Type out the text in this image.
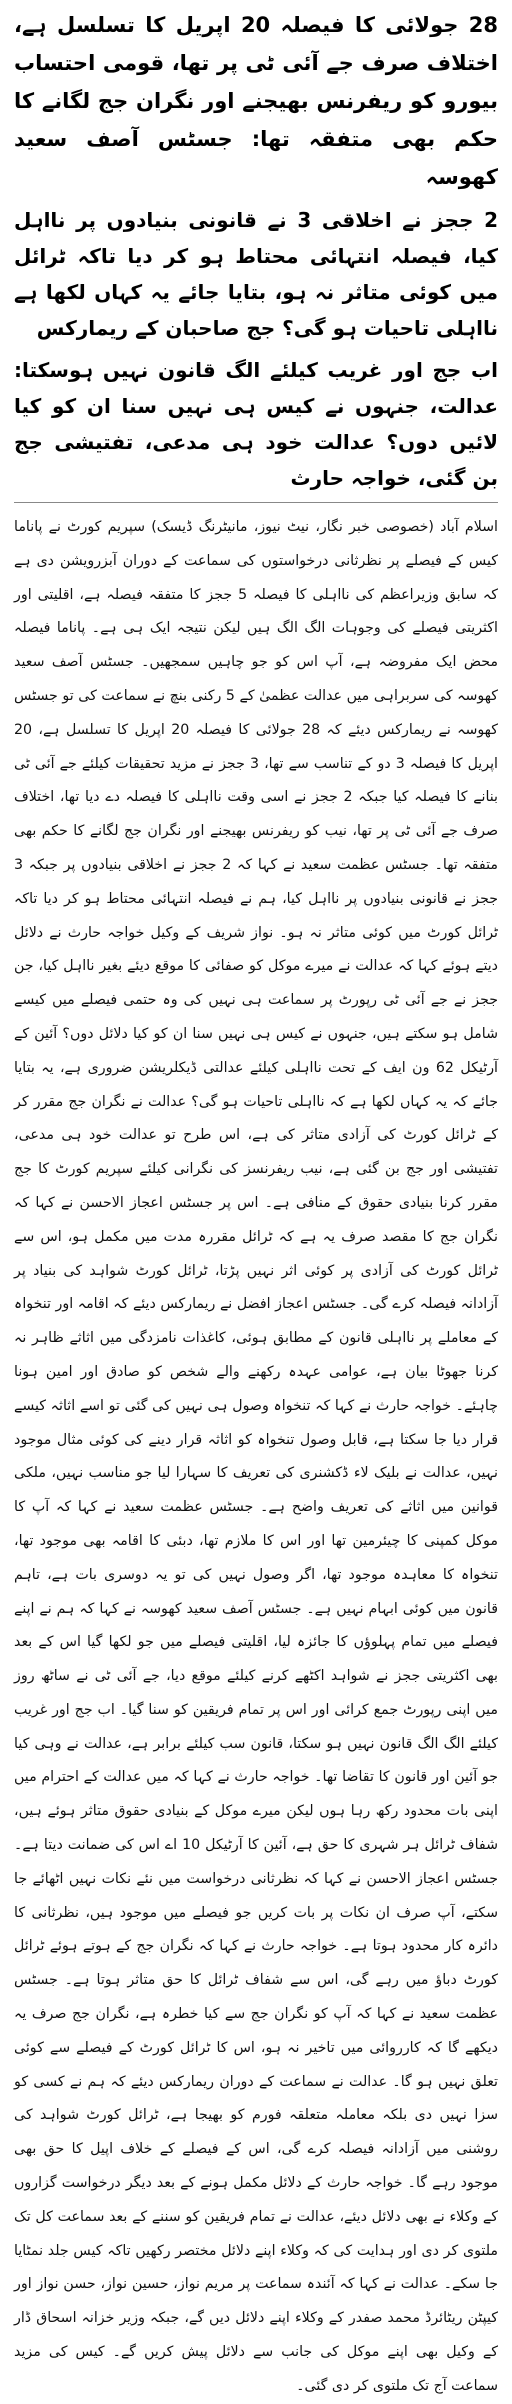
28 جولائی کا فیصلہ 20 اپریل کا تسلسل ہے، اختلاف صرف جے آئی ٹی پر تھا، قومی احتساب بیورو کو ریفرنس بھیجنے اور نگران جج لگانے کا حکم بھی متفقہ تھا: جسٹس آصف سعید کھوسہ

2 ججز نے اخلاقی 3 نے قانونی بنیادوں پر نااہل کیا، فیصلہ انتہائی محتاط ہو کر دیا تاکہ ٹرائل میں کوئی متاثر نہ ہو، بتایا جائے یہ کہاں لکھا ہے نااہلی تاحیات ہو گی؟ جج صاحبان کے ریمارکس

اب جج اور غریب کیلئے الگ قانون نہیں ہوسکتا: عدالت، جنہوں نے کیس ہی نہیں سنا ان کو کیا لائیں دوں؟ عدالت خود ہی مدعی، تفتیشی جج بن گئی، خواجہ حارث

اسلام آباد (خصوصی خبر نگار، نیٹ نیوز، مانیٹرنگ ڈیسک) سپریم کورٹ نے پاناما کیس کے فیصلے پر نظرثانی درخواستوں کی سماعت کے دوران آبزرویشن دی ہے کہ سابق وزیراعظم کی نااہلی کا فیصلہ 5 ججز کا متفقہ فیصلہ ہے، اقلیتی اور اکثریتی فیصلے کی وجوہات الگ الگ ہیں لیکن نتیجہ ایک ہی ہے۔ پاناما فیصلہ محض ایک مفروضہ ہے، آپ اس کو جو چاہیں سمجھیں۔ جسٹس آصف سعید کھوسہ کی سربراہی میں عدالت عظمیٰ کے 5 رکنی بنچ نے سماعت کی تو جسٹس کھوسہ نے ریمارکس دیئے کہ 28 جولائی کا فیصلہ 20 اپریل کا تسلسل ہے، 20 اپریل کا فیصلہ 3 دو کے تناسب سے تھا، 3 ججز نے مزید تحقیقات کیلئے جے آئی ٹی بنانے کا فیصلہ کیا جبکہ 2 ججز نے اسی وقت نااہلی کا فیصلہ دے دیا تھا، اختلاف صرف جے آئی ٹی پر تھا، نیب کو ریفرنس بھیجنے اور نگران جج لگانے کا حکم بھی متفقہ تھا۔ جسٹس عظمت سعید نے کہا کہ 2 ججز نے اخلاقی بنیادوں پر جبکہ 3 ججز نے قانونی بنیادوں پر نااہل کیا، ہم نے فیصلہ انتہائی محتاط ہو کر دیا تاکہ ٹرائل کورٹ میں کوئی متاثر نہ ہو۔ نواز شریف کے وکیل خواجہ حارث نے دلائل دیتے ہوئے کہا کہ عدالت نے میرے موکل کو صفائی کا موقع دیئے بغیر نااہل کیا، جن ججز نے جے آئی ٹی رپورٹ پر سماعت ہی نہیں کی وہ حتمی فیصلے میں کیسے شامل ہو سکتے ہیں، جنہوں نے کیس ہی نہیں سنا ان کو کیا دلائل دوں؟ آئین کے آرٹیکل 62 ون ایف کے تحت نااہلی کیلئے عدالتی ڈیکلریشن ضروری ہے، یہ بتایا جائے کہ یہ کہاں لکھا ہے کہ نااہلی تاحیات ہو گی؟ عدالت نے نگران جج مقرر کر کے ٹرائل کورٹ کی آزادی متاثر کی ہے، اس طرح تو عدالت خود ہی مدعی، تفتیشی اور جج بن گئی ہے، نیب ریفرنسز کی نگرانی کیلئے سپریم کورٹ کا جج مقرر کرنا بنیادی حقوق کے منافی ہے۔ اس پر جسٹس اعجاز الاحسن نے کہا کہ نگران جج کا مقصد صرف یہ ہے کہ ٹرائل مقررہ مدت میں مکمل ہو، اس سے ٹرائل کورٹ کی آزادی پر کوئی اثر نہیں پڑتا، ٹرائل کورٹ شواہد کی بنیاد پر آزادانہ فیصلہ کرے گی۔ جسٹس اعجاز افضل نے ریمارکس دیئے کہ اقامہ اور تنخواہ کے معاملے پر نااہلی قانون کے مطابق ہوئی، کاغذات نامزدگی میں اثاثے ظاہر نہ کرنا جھوٹا بیان ہے، عوامی عہدہ رکھنے والے شخص کو صادق اور امین ہونا چاہئے۔ خواجہ حارث نے کہا کہ تنخواہ وصول ہی نہیں کی گئی تو اسے اثاثہ کیسے قرار دیا جا سکتا ہے، قابل وصول تنخواہ کو اثاثہ قرار دینے کی کوئی مثال موجود نہیں، عدالت نے بلیک لاء ڈکشنری کی تعریف کا سہارا لیا جو مناسب نہیں، ملکی قوانین میں اثاثے کی تعریف واضح ہے۔ جسٹس عظمت سعید نے کہا کہ آپ کا موکل کمپنی کا چیئرمین تھا اور اس کا ملازم تھا، دبئی کا اقامہ بھی موجود تھا، تنخواہ کا معاہدہ موجود تھا، اگر وصول نہیں کی تو یہ دوسری بات ہے، تاہم قانون میں کوئی ابہام نہیں ہے۔ جسٹس آصف سعید کھوسہ نے کہا کہ ہم نے اپنے فیصلے میں تمام پہلوؤں کا جائزہ لیا، اقلیتی فیصلے میں جو لکھا گیا اس کے بعد بھی اکثریتی ججز نے شواہد اکٹھے کرنے کیلئے موقع دیا، جے آئی ٹی نے ساٹھ روز میں اپنی رپورٹ جمع کرائی اور اس پر تمام فریقین کو سنا گیا۔ اب جج اور غریب کیلئے الگ الگ قانون نہیں ہو سکتا، قانون سب کیلئے برابر ہے، عدالت نے وہی کیا جو آئین اور قانون کا تقاضا تھا۔ خواجہ حارث نے کہا کہ میں عدالت کے احترام میں اپنی بات محدود رکھ رہا ہوں لیکن میرے موکل کے بنیادی حقوق متاثر ہوئے ہیں، شفاف ٹرائل ہر شہری کا حق ہے، آئین کا آرٹیکل 10 اے اس کی ضمانت دیتا ہے۔ جسٹس اعجاز الاحسن نے کہا کہ نظرثانی درخواست میں نئے نکات نہیں اٹھائے جا سکتے، آپ صرف ان نکات پر بات کریں جو فیصلے میں موجود ہیں، نظرثانی کا دائرہ کار محدود ہوتا ہے۔ خواجہ حارث نے کہا کہ نگران جج کے ہوتے ہوئے ٹرائل کورٹ دباؤ میں رہے گی، اس سے شفاف ٹرائل کا حق متاثر ہوتا ہے۔ جسٹس عظمت سعید نے کہا کہ آپ کو نگران جج سے کیا خطرہ ہے، نگران جج صرف یہ دیکھے گا کہ کارروائی میں تاخیر نہ ہو، اس کا ٹرائل کورٹ کے فیصلے سے کوئی تعلق نہیں ہو گا۔ عدالت نے سماعت کے دوران ریمارکس دیئے کہ ہم نے کسی کو سزا نہیں دی بلکہ معاملہ متعلقہ فورم کو بھیجا ہے، ٹرائل کورٹ شواہد کی روشنی میں آزادانہ فیصلہ کرے گی، اس کے فیصلے کے خلاف اپیل کا حق بھی موجود رہے گا۔ خواجہ حارث کے دلائل مکمل ہونے کے بعد دیگر درخواست گزاروں کے وکلاء نے بھی دلائل دیئے، عدالت نے تمام فریقین کو سننے کے بعد سماعت کل تک ملتوی کر دی اور ہدایت کی کہ وکلاء اپنے دلائل مختصر رکھیں تاکہ کیس جلد نمٹایا جا سکے۔ عدالت نے کہا کہ آئندہ سماعت پر مریم نواز، حسین نواز، حسن نواز اور کیپٹن ریٹائرڈ محمد صفدر کے وکلاء اپنے دلائل دیں گے، جبکہ وزیر خزانہ اسحاق ڈار کے وکیل بھی اپنے موکل کی جانب سے دلائل پیش کریں گے۔ کیس کی مزید سماعت آج تک ملتوی کر دی گئی۔
